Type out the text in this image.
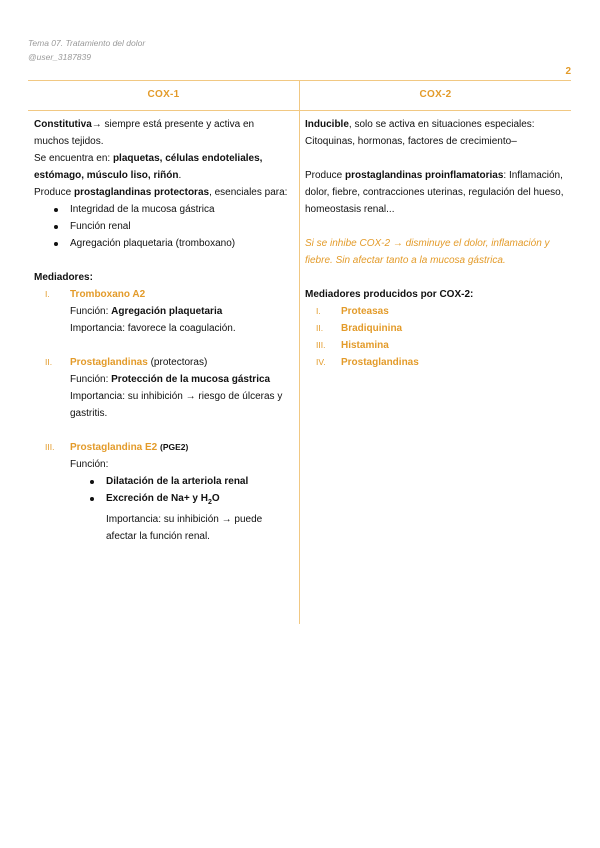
Tema 07. Tratamiento del dolor
@user_3187839
2
COX-1	COX-2

Constitutiva→ siempre está presente y activa en muchos tejidos.

Se encuentra en: plaquetas, células endoteliales, estómago, músculo liso, riñón.

Produce prostaglandinas protectoras, esenciales para:

Integridad de la mucosa gástrica
Función renal
Agregación plaquetaria (tromboxano)

Mediadores:

I. Tromboxano A2
Función: Agregación plaquetaria
Importancia: favorece la coagulación.
II. Prostaglandinas (protectoras)
Función: Protección de la mucosa gástrica
Importancia: su inhibición → riesgo de úlceras y gastritis.
III. Prostaglandina E2 (PGE2)
Función:
Dilatación de la arteriola renal
Excreción de Na+ y $H_2O$
Importancia: su inhibición → puede afectar la función renal.

Inducible, solo se activa en situaciones especiales: Citoquinas, hormonas, factores de crecimiento–

Produce prostaglandinas proinflamatorias: Inflamación, dolor, fiebre, contracciones uterinas, regulación del hueso, homeostasis renal...

Si se inhibe COX-2 → disminuye el dolor, inflamación y fiebre. Sin afectar tanto a la mucosa gástrica.

Mediadores producidos por COX-2:

I. Proteasas
II. Bradiquinina
III. Histamina
IV. Prostaglandinas
